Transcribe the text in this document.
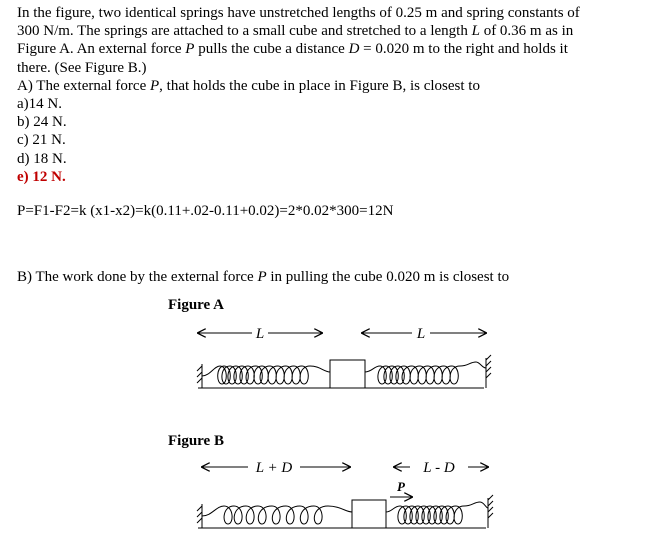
In the figure, two identical springs have unstretched lengths of 0.25 m and spring constants of

300 N/m. The springs are attached to a small cube and stretched to a length L of 0.36 m as in

Figure A. An external force P pulls the cube a distance D = 0.020 m to the right and holds it

there. (See Figure B.)

A) The external force P, that holds the cube in place in Figure B, is closest to

a)14 N.

b) 24 N.

c) 21 N.

d) 18 N.

e) 12 N.

P=F1-F2=k (x1-x2)=k(0.11+.02-0.11+0.02)=2*0.02*300=12N

B) The work done by the external force P in pulling the cube 0.020 m is closest to

Figure A
L	L
Figure B
L + D	L - D
P
